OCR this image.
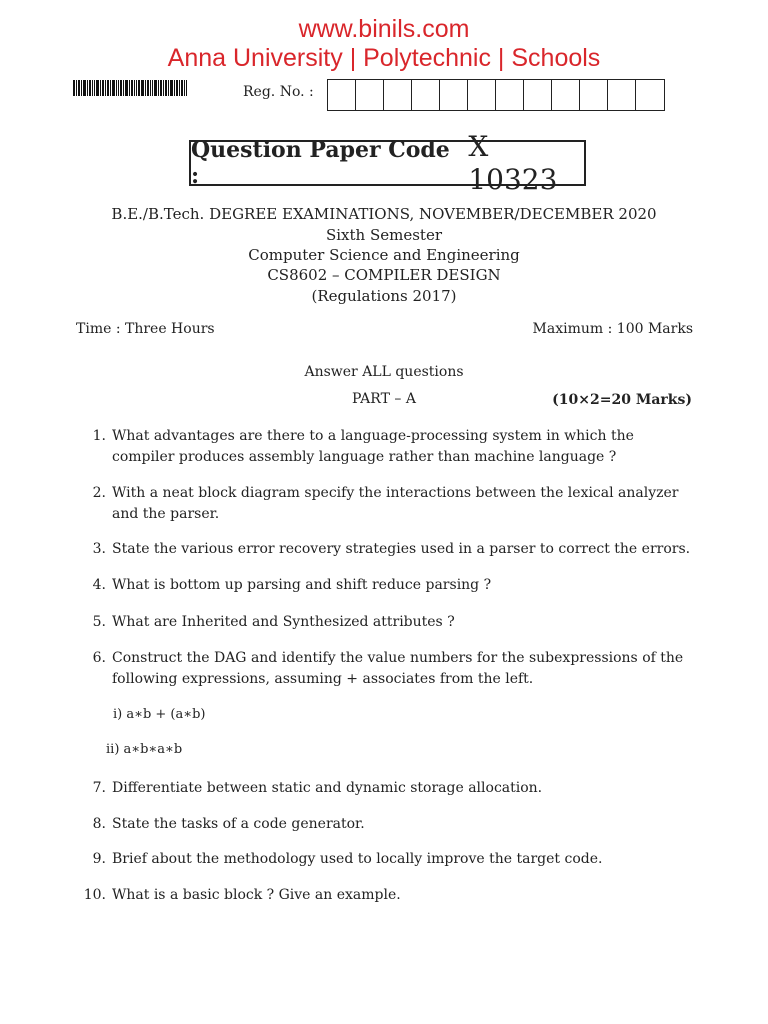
www.binils.com
Anna University | Polytechnic | Schools
Reg. No. :
Question Paper Code :
X 10323
B.E./B.Tech. DEGREE EXAMINATIONS, NOVEMBER/DECEMBER 2020
Sixth Semester
Computer Science and Engineering
CS8602 – COMPILER DESIGN
(Regulations 2017)
Time : Three Hours	Maximum : 100 Marks
Answer ALL questions
PART – A	(10×2=20 Marks)
1. What advantages are there to a language-processing system in which the compiler produces assembly language rather than machine language ?
2. With a neat block diagram specify the interactions between the lexical analyzer and the parser.
3. State the various error recovery strategies used in a parser to correct the errors.
4. What is bottom up parsing and shift reduce parsing ?
5. What are Inherited and Synthesized attributes ?
6. Construct the DAG and identify the value numbers for the subexpressions of the following expressions, assuming + associates from the left.
i) a∗b + (a∗b)
ii) a∗b∗a∗b
7. Differentiate between static and dynamic storage allocation.
8. State the tasks of a code generator.
9. Brief about the methodology used to locally improve the target code.
10. What is a basic block ? Give an example.
